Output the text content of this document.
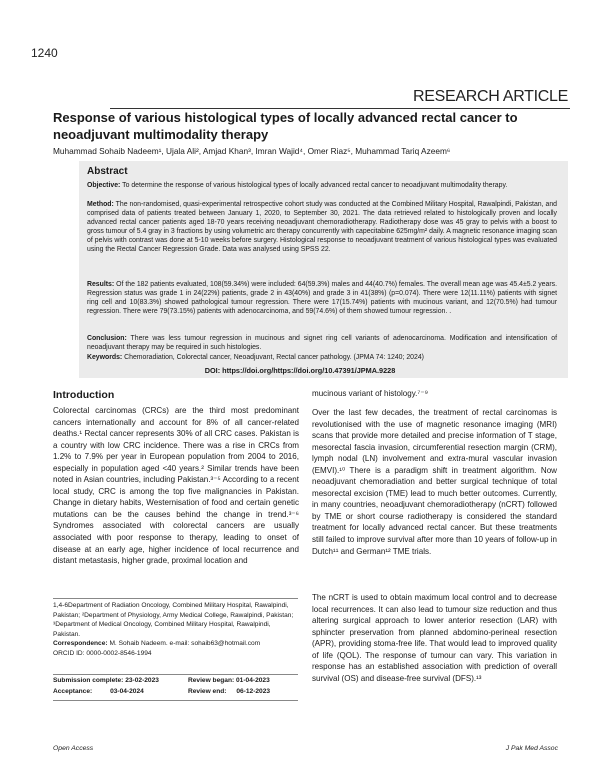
1240
RESEARCH ARTICLE
Response of various histological types of locally advanced rectal cancer to neoadjuvant multimodality therapy
Muhammad Sohaib Nadeem¹, Ujala Ali², Amjad Khan³, Imran Wajid⁴, Omer Riaz⁵, Muhammad Tariq Azeem⁶
Abstract
Objective: To determine the response of various histological types of locally advanced rectal cancer to neoadjuvant multimodality therapy.
Method: The non-randomised, quasi-experimental retrospective cohort study was conducted at the Combined Military Hospital, Rawalpindi, Pakistan, and comprised data of patients treated between January 1, 2020, to September 30, 2021. The data retrieved related to histologically proven and locally advanced rectal cancer patients aged 18-70 years receiving neoadjuvant chemoradiotherapy. Radiotherapy dose was 45 gray to pelvis with a boost to gross tumour of 5.4 gray in 3 fractions by using volumetric arc therapy concurrently with capecitabine 625mg/m² daily. A magnetic resonance imaging scan of pelvis with contrast was done at 5-10 weeks before surgery. Histological response to neoadjuvant treatment of various histological types was evaluated using the Rectal Cancer Regression Grade. Data was analysed using SPSS 22.
Results: Of the 182 patients evaluated, 108(59.34%) were included: 64(59.3%) males and 44(40.7%) females. The overall mean age was 45.4±5.2 years. Regression status was grade 1 in 24(22%) patients, grade 2 in 43(40%) and grade 3 in 41(38%) (p=0.074). There were 12(11.11%) patients with signet ring cell and 10(83.3%) showed pathological tumour regression. There were 17(15.74%) patients with mucinous variant, and 12(70.5%) had tumour regression. There were 79(73.15%) patients with adenocarcinoma, and 59(74.6%) of them showed tumour regression. .
Conclusion: There was less tumour regression in mucinous and signet ring cell variants of adenocarcinoma. Modification and intensification of neoadjuvant therapy may be required in such histologies.
Keywords: Chemoradiation, Colorectal cancer, Neoadjuvant, Rectal cancer pathology. (JPMA 74: 1240; 2024)
DOI: https://doi.org/https://doi.org/10.47391/JPMA.9228
Introduction
Colorectal carcinomas (CRCs) are the third most predominant cancers internationally and account for 8% of all cancer-related deaths.¹ Rectal cancer represents 30% of all CRC cases. Pakistan is a country with low CRC incidence. There was a rise in CRCs from 1.2% to 7.9% per year in European population from 2004 to 2016, especially in population aged <40 years.² Similar trends have been noted in Asian countries, including Pakistan.³⁻⁵ According to a recent local study, CRC is among the top five malignancies in Pakistan. Change in dietary habits, Westernisation of food and certain genetic mutations can be the causes behind the change in trend.³⁻⁶ Syndromes associated with colorectal cancers are usually associated with poor response to therapy, leading to onset of disease at an early age, higher incidence of local recurrence and distant metastasis, higher grade, proximal location and
mucinous variant of histology.⁷⁻⁹
Over the last few decades, the treatment of rectal carcinomas is revolutionised with the use of magnetic resonance imaging (MRI) scans that provide more detailed and precise information of T stage, mesorectal fascia invasion, circumferential resection margin (CRM), lymph nodal (LN) involvement and extra-mural vascular invasion (EMVI).¹⁰ There is a paradigm shift in treatment algorithm. Now neoadjuvant chemoradiation and better surgical technique of total mesorectal excision (TME) lead to much better outcomes. Currently, in many countries, neoadjuvant chemoradiotherapy (nCRT) followed by TME or short course radiotherapy is considered the standard treatment for locally advanced rectal cancer. But these treatments still failed to improve survival after more than 10 years of follow-up in Dutch¹¹ and German¹² TME trials.
The nCRT is used to obtain maximum local control and to decrease local recurrences. It can also lead to tumour size reduction and thus altering surgical approach to lower anterior resection (LAR) with sphincter preservation from planned abdomino-perineal resection (APR), providing stoma-free life. That would lead to improved quality of life (QOL). The response of tumour can vary. This variation in response has an established association with prediction of overall survival (OS) and disease-free survival (DFS).¹³
1,4-6Department of Radiation Oncology, Combined Military Hospital, Rawalpindi, Pakistan; ²Department of Physiology, Army Medical College, Rawalpindi, Pakistan; ³Department of Medical Oncology, Combined Military Hospital, Rawalpindi, Pakistan.
Correspondence: M. Sohaib Nadeem. e-mail: sohaib63@hotmail.com
ORCID ID: 0000-0002-8546-1994
Submission complete: 23-02-2023	Review began: 01-04-2023
Acceptance:	03-04-2024	Review end: 06-12-2023
Open Access	J Pak Med Assoc
